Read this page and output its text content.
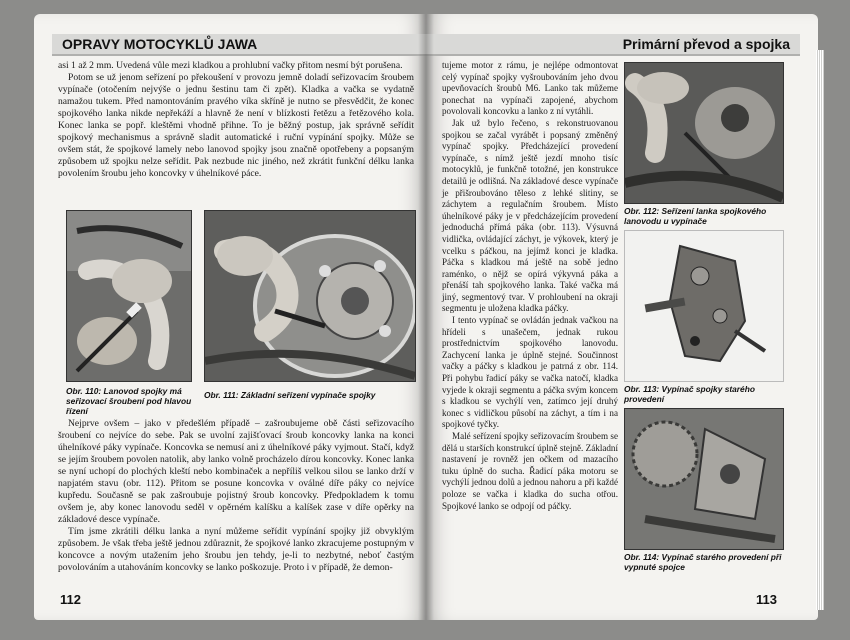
OPRAVY MOTOCYKLŮ JAWA

asi 1 až 2 mm. Uvedená vůle mezi kladkou a prohlubní vačky přitom nesmí být porušena.

Potom se už jenom seřízení po překoušení v provozu jemně doladí seřizovacím šroubem vypínače (otočením nejvýše o jednu šestinu tam či zpět). Kladka a vačka se vydatně namažou tukem. Před namontováním pravého víka skříně je nutno se přesvědčit, že konec spojkového lanka nikde nepřekáží a hlavně že není v blízkosti řetězu a řetězového kola. Konec lanka se popř. kleštěmi vhodně přihne. To je běžný postup, jak správně seřídit spojkový mechanismus a správně sladit automatické i ruční vypínání spojky. Může se ovšem stát, že spojkové lamely nebo lanovod spojky jsou značně opotřebeny a popsaným způsobem už spojku nelze seřídit. Pak nezbude nic jiného, než zkrátit funkční délku lanka povolením šroubu jeho koncovky v úhelníkové páce.

Obr. 110: Lanovod spojky má seřizovací šroubení pod hlavou řízení

Obr. 111: Základní seřízení vypínače spojky

Nejprve ovšem – jako v předešlém případě – zašroubujeme obě části seřizovacího šroubení co nejvíce do sebe. Pak se uvolní zajišťovací šroub koncovky lanka na konci úhelníkové páky vypínače. Koncovka se nemusí ani z úhelníkové páky vyjmout. Stačí, když se jejím šroubem povolen natolik, aby lanko volně procházelo dírou koncovky. Konec lanka se nyní uchopí do plochých kleští nebo kombinaček a nepříliš velkou silou se lanko drží v napjatém stavu (obr. 112). Přitom se posune koncovka v oválné díře páky co nejvíce kupředu. Současně se pak zašroubuje pojistný šroub koncovky. Předpokladem k tomu ovšem je, aby konec lanovodu seděl v opěrném kalíšku a kalíšek zase v díře opěrky na základové desce vypínače.

Tím jsme zkrátili délku lanka a nyní můžeme seřídit vypínání spojky již obvyklým způsobem. Je však třeba ještě jednou zdůraznit, že spojkové lanko zkracujeme postupným v koncovce a novým utažením jeho šroubu jen tehdy, je-li to nezbytné, neboť častým povolováním a utahováním koncovky se lanko poškozuje. Proto i v případě, že demon-

112
Primární převod a spojka

tujeme motor z rámu, je nejlépe odmontovat celý vypínač spojky vyšroubováním jeho dvou upevňovacích šroubů M6. Lanko tak můžeme ponechat na vypínači zapojené, abychom povolovali koncovku a lanko z ní vytáhli.

Jak už bylo řečeno, s rekonstruovanou spojkou se začal vyrábět i popsaný změněný vypínač spojky. Předcházející provedení vypínače, s nímž ještě jezdí mnoho tisíc motocyklů, je funkčně totožné, jen konstrukce detailů je odlišná. Na základové desce vypínače je přišroubováno těleso z lehké slitiny, se záchytem a regulačním šroubem. Místo úhelníkové páky je v předcházejícím provedení jednoduchá přímá páka (obr. 113). Výsuvná vidlička, ovládající záchyt, je výkovek, který je vcelku s páčkou, na jejímž konci je kladka. Páčka s kladkou má ještě na sobě jedno raménko, o nějž se opírá výkyvná páka a přenáší tah spojkového lanka. Také vačka má jiný, segmentový tvar. V prohloubení na okraji segmentu je uložena kladka páčky.

I tento vypínač se ovládán jednak vačkou na hřídeli s unašečem, jednak rukou prostřednictvím spojkového lanovodu. Zachycení lanka je úplně stejné. Součinnost vačky a páčky s kladkou je patrná z obr. 114. Při pohybu řadicí páky se vačka natočí, kladka vyjede k okraji segmentu a páčka svým koncem s kladkou se vychýlí ven, zatímco její druhý konec s vidličkou působí na záchyt, a tím i na spojkové tyčky.

Malé seřízení spojky seřizovacím šroubem se dělá u starších konstrukcí úplně stejně. Základní nastavení je rovněž jen očkem od mazacího tuku úplně do sucha. Řadicí páka motoru se vychýlí jednou dolů a jednou nahoru a při každé poloze se vačka i kladka do sucha otřou. Spojkové lanko se odpojí od páčky.

Obr. 112: Seřízení lanka spojkového lanovodu u vypínače

Obr. 113: Vypínač spojky starého provedení

Obr. 114: Vypínač starého provedení při vypnuté spojce

113
